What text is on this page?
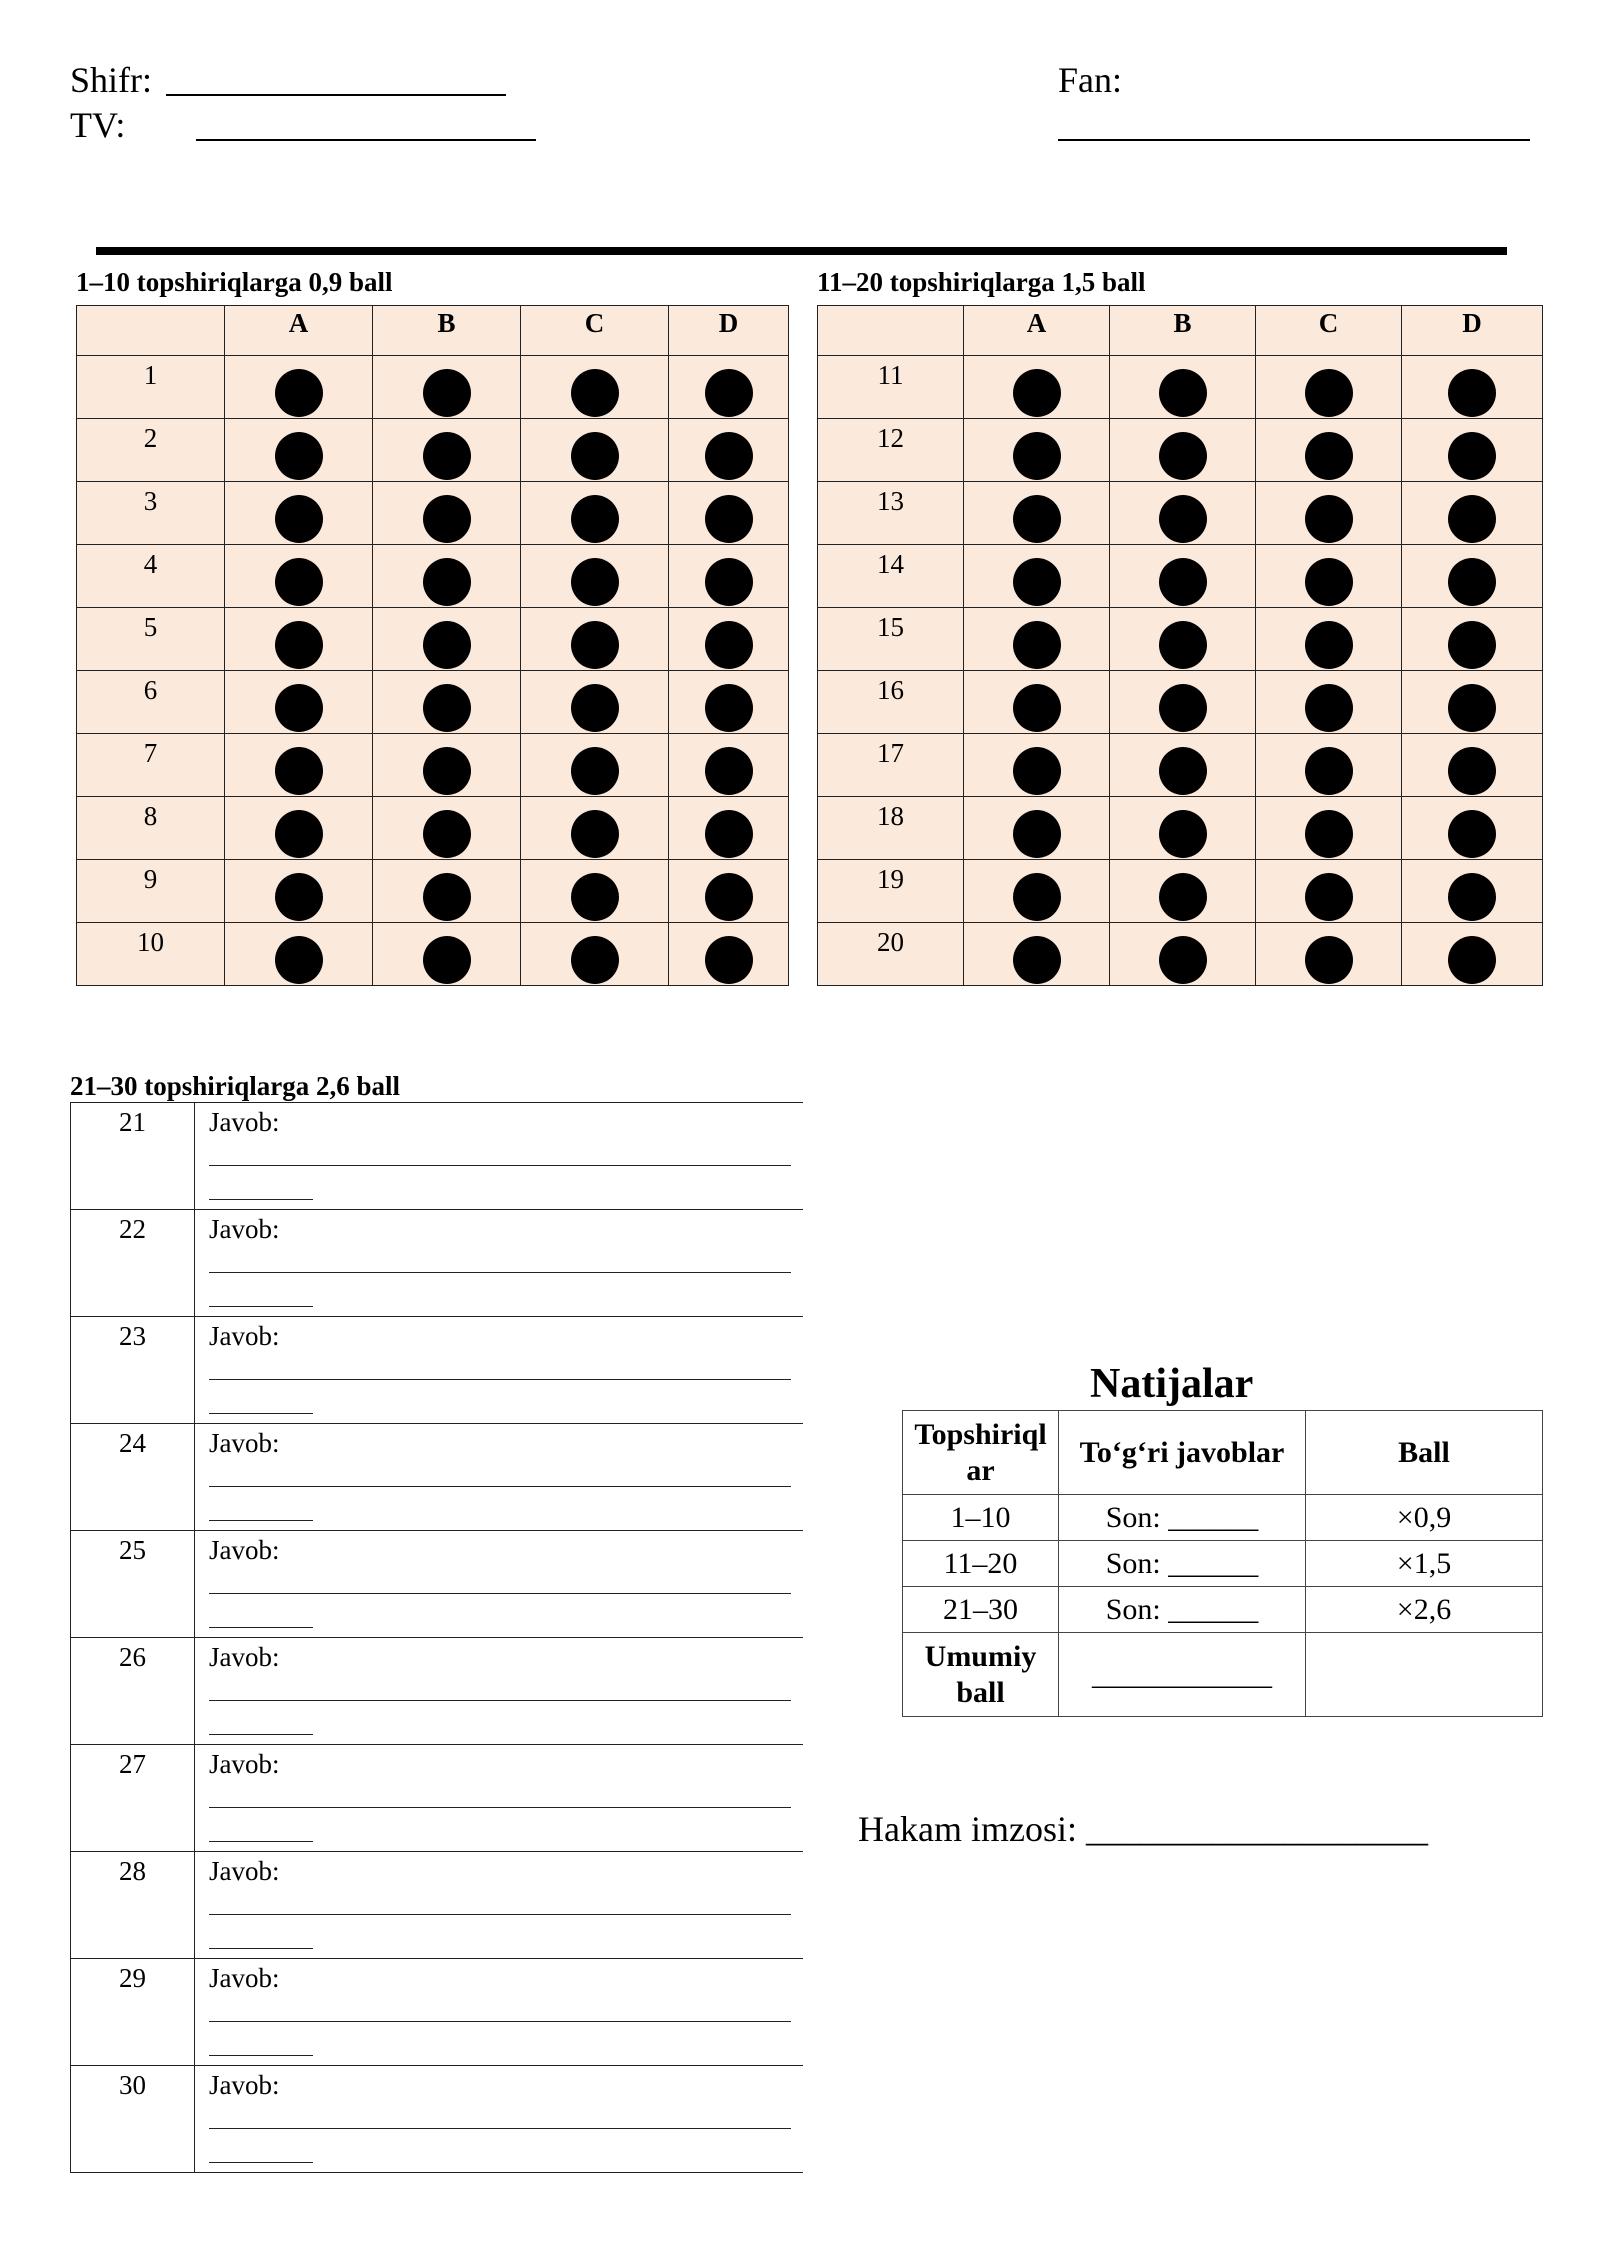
Shifr:
TV:
Fan:
1–10 topshiriqlarga 0,9 ball
	A	B	C	D
1				
2				
3				
4				
5				
6				
7				
8				
9				
10				
11–20 topshiriqlarga 1,5 ball
	A	B	C	D
11				
12				
13				
14				
15				
16				
17				
18				
19				
20				
21–30 topshiriqlarga 2,6 ball
21	Javob:

22	Javob:

23	Javob:

24	Javob:

25	Javob:

26	Javob:

27	Javob:

28	Javob:

29	Javob:

30	Javob:
Natijalar
Topshiriqlar	To‘g‘ri javoblar	Ball
1–10	Son: ______	×0,9
11–20	Son: ______	×1,5
21–30	Son: ______	×2,6
Umumiy ball	____________	
Hakam imzosi: ___________________
